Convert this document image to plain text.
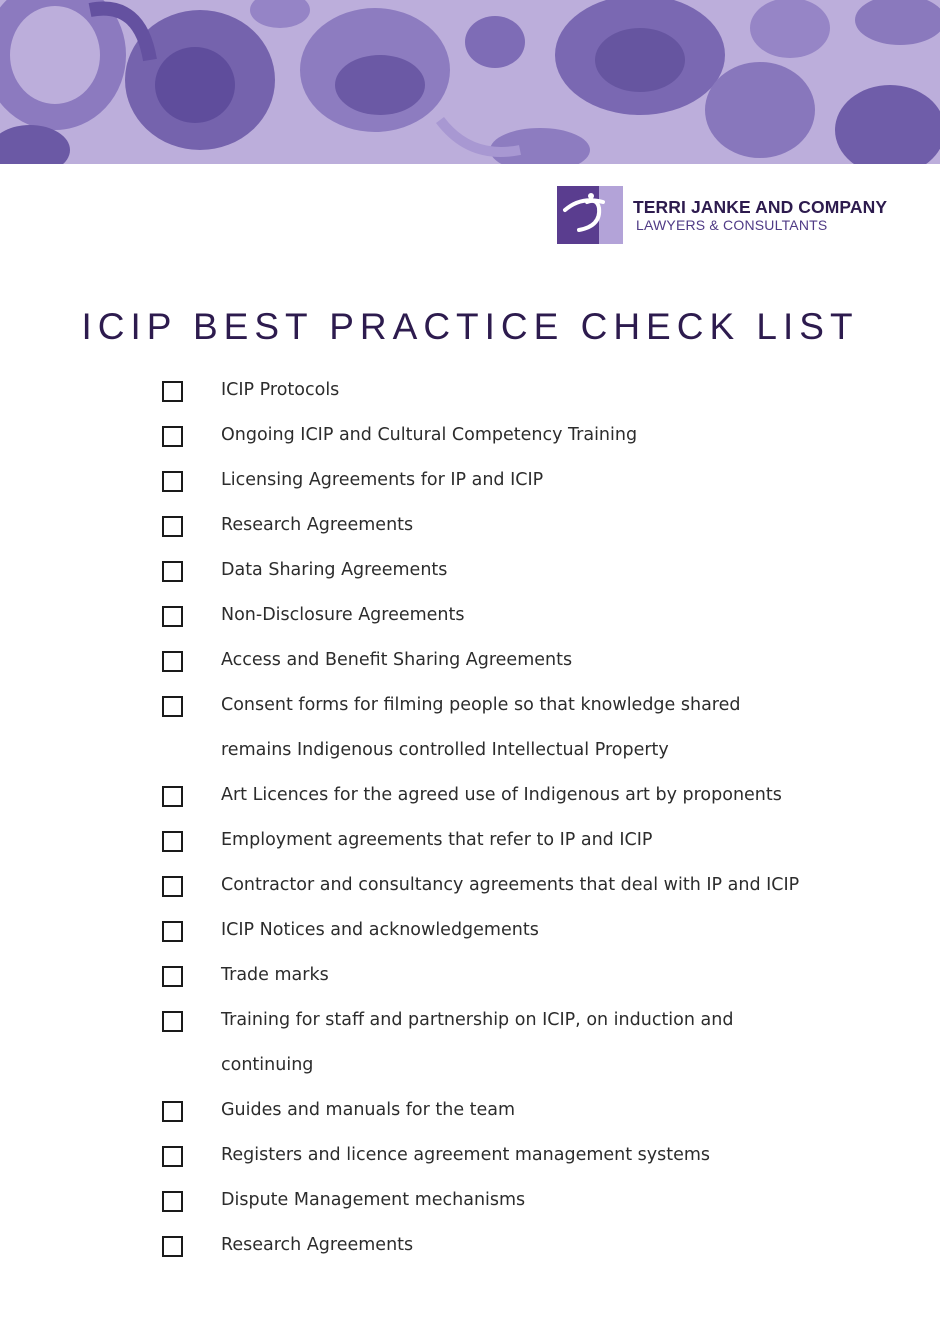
TERRI JANKE AND COMPANY
LAWYERS & CONSULTANTS
ICIP BEST PRACTICE CHECK LIST
ICIP Protocols
Ongoing ICIP and Cultural Competency Training
Licensing Agreements for IP and ICIP
Research Agreements
Data Sharing Agreements
Non-Disclosure Agreements
Access and Benefit Sharing Agreements
Consent forms for filming people so that knowledge shared
remains Indigenous controlled Intellectual Property
Art Licences for the agreed use of Indigenous art by proponents
Employment agreements that refer to IP and ICIP
Contractor and consultancy agreements that deal with IP and ICIP
ICIP Notices and acknowledgements
Trade marks
Training for staff and partnership on ICIP, on induction and
continuing
Guides and manuals for the team
Registers and licence agreement management systems
Dispute Management mechanisms
Research Agreements
